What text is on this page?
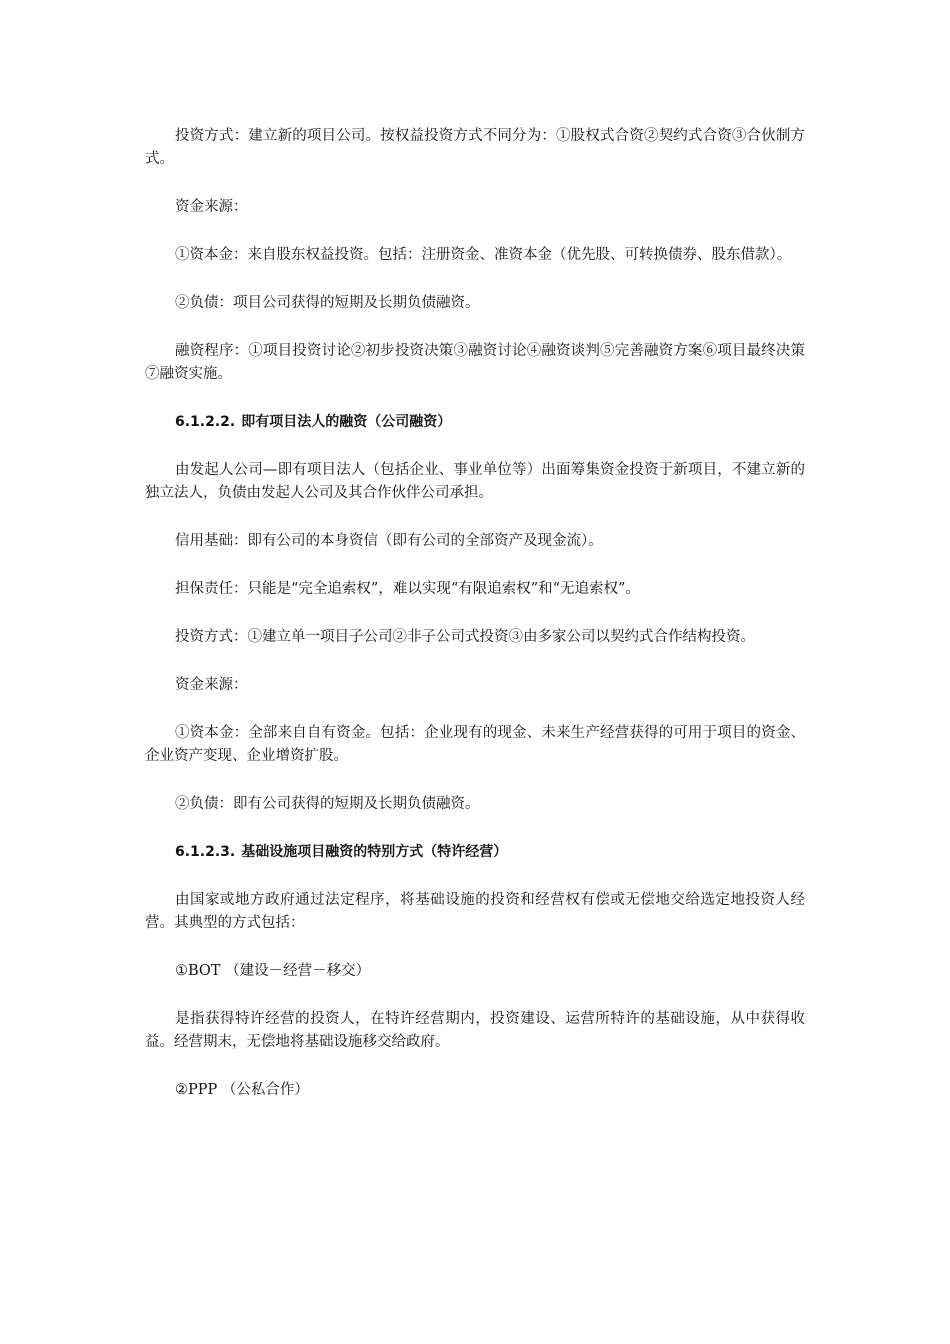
投资方式：建立新的项目公司。按权益投资方式不同分为：①股权式合资②契约式合资③合伙制方式。

资金来源：

①资本金：来自股东权益投资。包括：注册资金、准资本金（优先股、可转换债券、股东借款）。

②负债：项目公司获得的短期及长期负债融资。

融资程序：①项目投资讨论②初步投资决策③融资讨论④融资谈判⑤完善融资方案⑥项目最终决策⑦融资实施。

6.1.2.2. 即有项目法人的融资（公司融资）

由发起人公司—即有项目法人（包括企业、事业单位等）出面筹集资金投资于新项目，不建立新的独立法人，负债由发起人公司及其合作伙伴公司承担。

信用基础：即有公司的本身资信（即有公司的全部资产及现金流）。

担保责任：只能是“完全追索权”，难以实现“有限追索权”和“无追索权”。

投资方式：①建立单一项目子公司②非子公司式投资③由多家公司以契约式合作结构投资。

资金来源：

①资本金：全部来自自有资金。包括：企业现有的现金、未来生产经营获得的可用于项目的资金、企业资产变现、企业增资扩股。

②负债：即有公司获得的短期及长期负债融资。

6.1.2.3. 基础设施项目融资的特别方式（特许经营）

由国家或地方政府通过法定程序，将基础设施的投资和经营权有偿或无偿地交给选定地投资人经营。其典型的方式包括：

①BOT （建设－经营－移交）

是指获得特许经营的投资人，在特许经营期内，投资建设、运营所特许的基础设施，从中获得收益。经营期末，无偿地将基础设施移交给政府。

②PPP （公私合作）
